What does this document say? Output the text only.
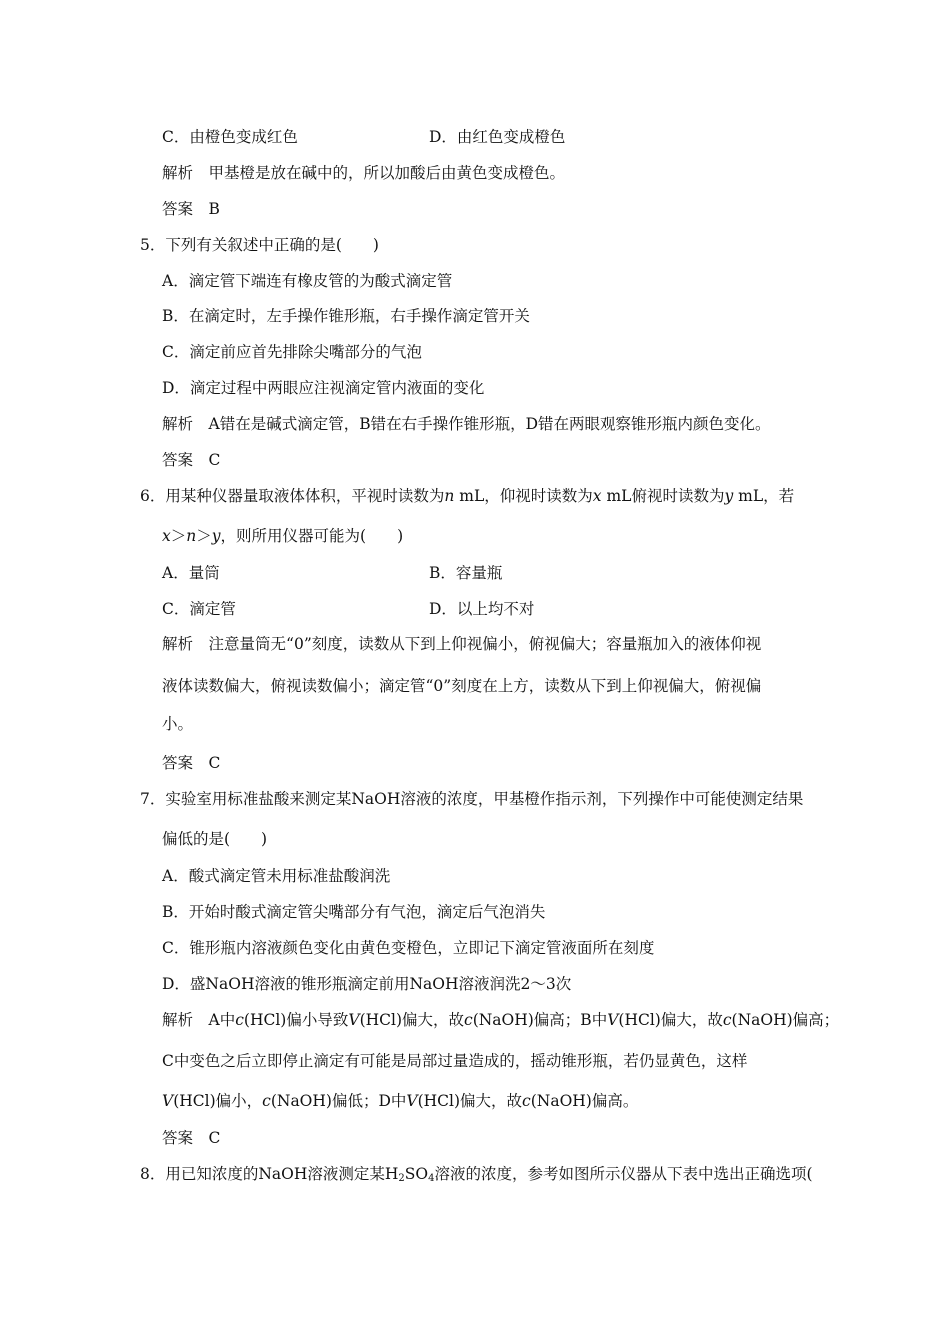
C．由橙色变成红色	D．由红色变成橙色
解析　 甲基橙是放在碱中的，所以加酸后由黄色变成橙色。
答案　 B
5．下列有关叙述中正确的是(　　)
A．滴定管下端连有橡皮管的为酸式滴定管
B．在滴定时，左手操作锥形瓶，右手操作滴定管开关
C．滴定前应首先排除尖嘴部分的气泡
D．滴定过程中两眼应注视滴定管内液面的变化
解析　 A错在是碱式滴定管，B错在右手操作锥形瓶，D错在两眼观察锥形瓶内颜色变化。
答案　 C
6．用某种仪器量取液体体积，平视时读数为n mL，仰视时读数为x mL俯视时读数为y mL，若
x＞n＞y，则所用仪器可能为(　　)
A．量筒	B．容量瓶
C．滴定管	D．以上均不对
解析　 注意量筒无“0”刻度，读数从下到上仰视偏小，俯视偏大；容量瓶加入的液体仰视
液体读数偏大，俯视读数偏小；滴定管“0”刻度在上方，读数从下到上仰视偏大，俯视偏
小。
答案　 C
7．实验室用标准盐酸来测定某NaOH溶液的浓度，甲基橙作指示剂，下列操作中可能使测定结果
偏低的是(　　)
A．酸式滴定管未用标准盐酸润洗
B．开始时酸式滴定管尖嘴部分有气泡，滴定后气泡消失
C．锥形瓶内溶液颜色变化由黄色变橙色，立即记下滴定管液面所在刻度
D．盛NaOH溶液的锥形瓶滴定前用NaOH溶液润洗2～3次
解析　 A中c(HCl)偏小导致V(HCl)偏大，故c(NaOH)偏高；B中V(HCl)偏大，故c(NaOH)偏高；
C中变色之后立即停止滴定有可能是局部过量造成的，摇动锥形瓶，若仍显黄色，这样
V(HCl)偏小，c(NaOH)偏低；D中V(HCl)偏大，故c(NaOH)偏高。
答案　 C
8．用已知浓度的NaOH溶液测定某$H_2SO_4$溶液的浓度，参考如图所示仪器从下表中选出正确选项(
